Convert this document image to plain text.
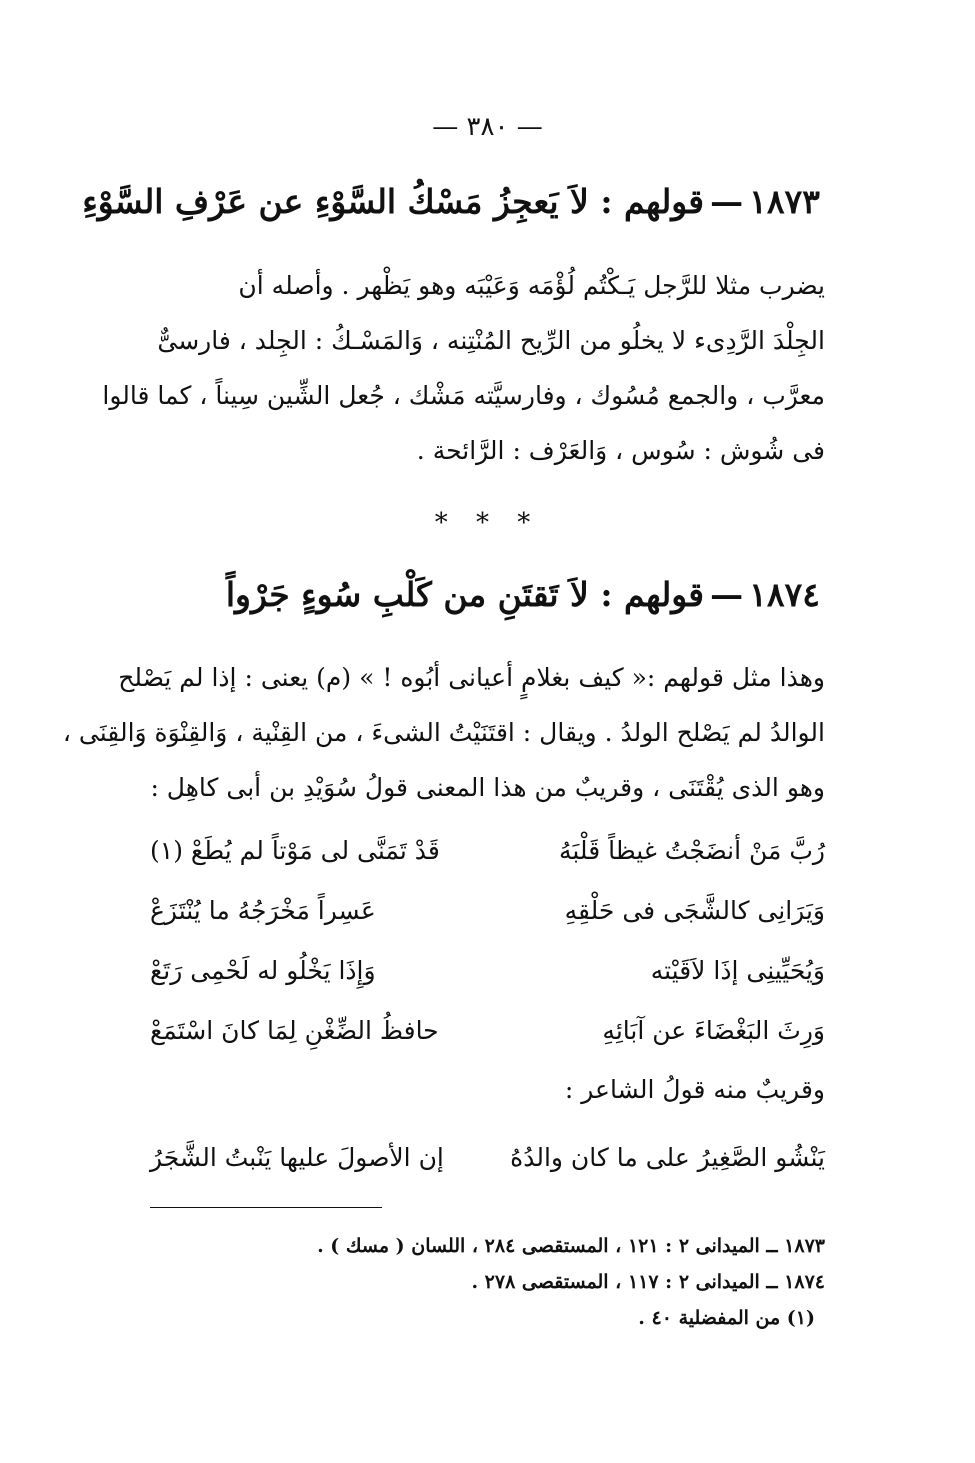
— ٣٨٠ —
١٨٧٣—قولهم : لاَ يَعجِزُ مَسْكُ السَّوْءِ عن عَرْفِ السَّوْءِ

يضرب مثلا للرَّجل يَـكْتُم لُؤْمَه وَعَيْبَه وهو يَظْهر . وأصله أن

الجِلْدَ الرَّدِىء لا يخلُو من الرِّيح المُنْتِنه ، وَالمَسْـكُ : الجِلد ، فارسىٌّ

معرَّب ، والجمع مُسُوك ، وفارسيَّته مَشْك ، جُعل الشِّين سِيناً ، كما قالوا

فى شُوش : سُوس ، وَالعَرْف : الرَّائحة .

* * *
١٨٧٤—قولهم : لاَ تَقتَنِ من كَلْبِ سُوءٍ جَرْواً

وهذا مثل قولهم :« كيف بغلامٍ أعيانى أبُوه ! » (م) يعنى : إذا لم يَصْلح

الوالدُ لم يَصْلح الولدُ . ويقال : اقتَنَيْتُ الشىءَ ، من القِنْية ، وَالقِنْوَة وَالقِنَى ،

وهو الذى يُقْتَنَى ، وقريبٌ من هذا المعنى قولُ سُوَيْدِ بن أبى كاهِل :

رُبَّ مَنْ أنضَجْتُ غيظاً قَلْبَهُ
قَدْ تَمَنَّى لى مَوْتاً لم يُطَعْ (١)
وَيَرَانِى كالشَّجَى فى حَلْقِهِ
عَسِراً مَخْرَجُهُ ما يُنْتَزَعْ
وَيُحَيِّينِى إذَا لاَقَيْته
وَإِذَا يَخْلُو له لَحْمِى رَتَعْ
وَرِثَ البَغْضَاءَ عن آبَائِهِ
حافظُ الضِّغْنِ لِمَا كانَ اسْتَمَعْ

وقريبٌ منه قولُ الشاعر :

يَنْشُو الصَّغِيرُ على ما كان والدُهُ
إن الأصولَ عليها يَنْبتُ الشَّجَرُ
١٨٧٣ ــ الميدانى ٢ : ١٢١ ، المستقصى ٢٨٤ ، اللسان ( مسك ) .
١٨٧٤ ــ الميدانى ٢ : ١١٧ ، المستقصى ٢٧٨ .
(١) من المفضلية ٤٠ .
